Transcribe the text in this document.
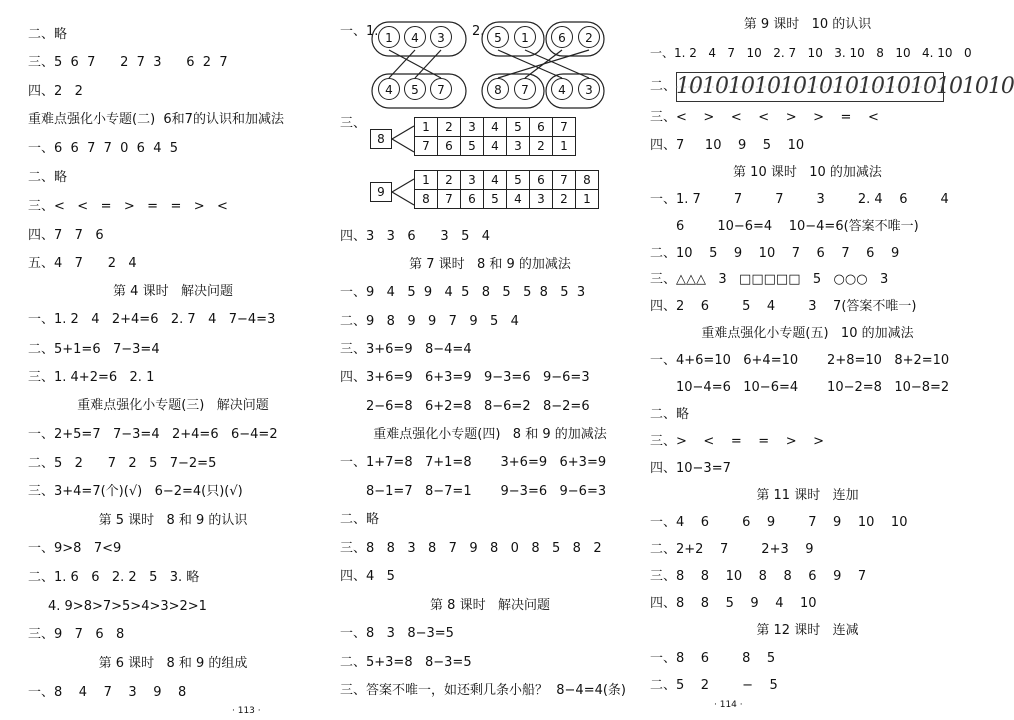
二、略
三、5  6  7      2  7  3      6  2  7
四、2   2
重难点强化小专题(二)  6和7的认识和加减法
一、6  6  7  7  0  6  4  5
二、略
三、<   <   =   >   =   =   >   <
四、7   7   6
五、4   7      2   4
第 4 课时   解决问题
一、1. 2   4   2+4=6   2. 7   4   7−4=3
二、5+1=6   7−3=4
三、1. 4+2=6   2. 1
重难点强化小专题(三)   解决问题
一、2+5=7   7−3=4   2+4=6   6−4=2
二、5   2      7   2   5   7−2=5
三、3+4=7(个)(√)   6−2=4(只)(√)
第 5 课时   8 和 9 的认识
一、9>8   7<9
二、1. 6   6   2. 2   5   3. 略
4. 9>8>7>5>4>3>2>1
三、9   7   6   8
第 6 课时   8 和 9 的组成
一、8    4    7    3    9    8
· 113 ·
一、 1. 1	4	3
4	5	7
2. 5	1	6	2
8	7	4	3
三、
8
1	2	3	4	5	6	7
7	6	5	4	3	2	1
9
1	2	3	4	5	6	7	8
8	7	6	5	4	3	2	1
四、3   3   6      3   5   4
第 7 课时   8 和 9 的加减法
一、9   4   5  9   4  5   8   5   5  8   5  3
二、9   8   9   9   7   9   5   4
三、3+6=9   8−4=4
四、3+6=9   6+3=9   9−3=6   9−6=3
2−6=8   6+2=8   8−6=2   8−2=6
重难点强化小专题(四)   8 和 9 的加减法
一、1+7=8   7+1=8       3+6=9   6+3=9
8−1=7   8−7=1       9−3=6   9−6=3
二、略
三、8   8   3   8   7   9   8   0   8   5   8   2
四、4   5
第 8 课时   解决问题
一、8   3   8−3=5
二、5+3=8   8−3=5
三、答案不唯一，如还剩几条小船？  8−4=4(条)
第 9 课时   10 的认识
一、1. 2   4   7   10   2. 7   10   3. 10   8   10   4. 10   0
二、 10101010101010101010101010
三、<    >    <    <    >    >    =    <
四、7     10    9    5    10
第 10 课时   10 的加减法
一、1. 7        7        7        3        2. 4    6        4
6        10−6=4    10−4=6(答案不唯一)
二、10    5    9    10    7    6    7    6    9
三、△△△   3   □□□□□   5   ○○○   3
四、2    6        5    4        3    7(答案不唯一)
重难点强化小专题(五)   10 的加减法
一、4+6=10   6+4=10       2+8=10   8+2=10
10−4=6   10−6=4       10−2=8   10−8=2
二、略
三、>    <    =    =    >    >
四、10−3=7
第 11 课时   连加
一、4    6        6    9        7    9    10    10
二、2+2    7        2+3    9
三、8    8    10    8    8    6    9    7
四、8    8    5    9    4    10
第 12 课时   连减
一、8    6        8    5
二、5    2        −    5
· 114 ·
